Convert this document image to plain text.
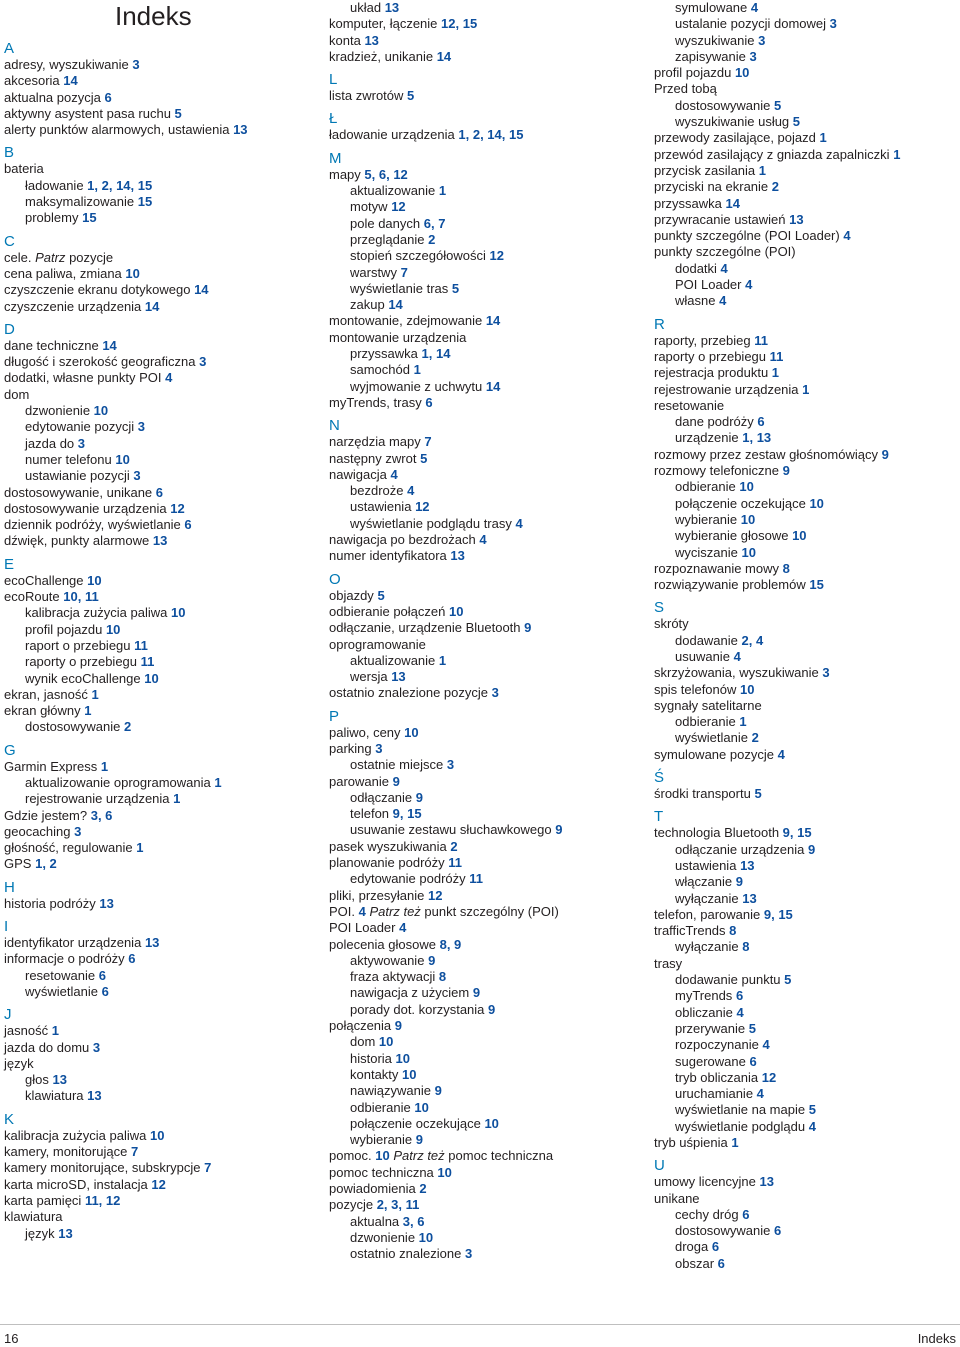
Indeks
A
adresy, wyszukiwanie 3
akcesoria 14
aktualna pozycja 6
aktywny asystent pasa ruchu 5
alerty punktów alarmowych, ustawienia 13
B
bateria
ładowanie 1, 2, 14, 15
maksymalizowanie 15
problemy 15
C
cele. Patrz pozycje
cena paliwa, zmiana 10
czyszczenie ekranu dotykowego 14
czyszczenie urządzenia 14
D
dane techniczne 14
długość i szerokość geograficzna 3
dodatki, własne punkty POI 4
dom
dzwonienie 10
edytowanie pozycji 3
jazda do 3
numer telefonu 10
ustawianie pozycji 3
dostosowywanie, unikane 6
dostosowywanie urządzenia 12
dziennik podróży, wyświetlanie 6
dźwięk, punkty alarmowe 13
E
ecoChallenge 10
ecoRoute 10, 11
kalibracja zużycia paliwa 10
profil pojazdu 10
raport o przebiegu 11
raporty o przebiegu 11
wynik ecoChallenge 10
ekran, jasność 1
ekran główny 1
dostosowywanie 2
G
Garmin Express 1
aktualizowanie oprogramowania 1
rejestrowanie urządzenia 1
Gdzie jestem? 3, 6
geocaching 3
głośność, regulowanie 1
GPS 1, 2
H
historia podróży 13
I
identyfikator urządzenia 13
informacje o podróży 6
resetowanie 6
wyświetlanie 6
J
jasność 1
jazda do domu 3
język
głos 13
klawiatura 13
K
kalibracja zużycia paliwa 10
kamery, monitorujące 7
kamery monitorujące, subskrypcje 7
karta microSD, instalacja 12
karta pamięci 11, 12
klawiatura
język 13
układ 13
komputer, łączenie 12, 15
konta 13
kradzież, unikanie 14
L
lista zwrotów 5
Ł
ładowanie urządzenia 1, 2, 14, 15
M
mapy 5, 6, 12
aktualizowanie 1
motyw 12
pole danych 6, 7
przeglądanie 2
stopień szczegółowości 12
warstwy 7
wyświetlanie tras 5
zakup 14
montowanie, zdejmowanie 14
montowanie urządzenia
przyssawka 1, 14
samochód 1
wyjmowanie z uchwytu 14
myTrends, trasy 6
N
narzędzia mapy 7
następny zwrot 5
nawigacja 4
bezdroże 4
ustawienia 12
wyświetlanie podglądu trasy 4
nawigacja po bezdrożach 4
numer identyfikatora 13
O
objazdy 5
odbieranie połączeń 10
odłączanie, urządzenie Bluetooth 9
oprogramowanie
aktualizowanie 1
wersja 13
ostatnio znalezione pozycje 3
P
paliwo, ceny 10
parking 3
ostatnie miejsce 3
parowanie 9
odłączanie 9
telefon 9, 15
usuwanie zestawu słuchawkowego 9
pasek wyszukiwania 2
planowanie podróży 11
edytowanie podróży 11
pliki, przesyłanie 12
POI. 4 Patrz też punkt szczególny (POI)
POI Loader 4
polecenia głosowe 8, 9
aktywowanie 9
fraza aktywacji 8
nawigacja z użyciem 9
porady dot. korzystania 9
połączenia 9
dom 10
historia 10
kontakty 10
nawiązywanie 9
odbieranie 10
połączenie oczekujące 10
wybieranie 9
pomoc. 10 Patrz też pomoc techniczna
pomoc techniczna 10
powiadomienia 2
pozycje 2, 3, 11
aktualna 3, 6
dzwonienie 10
ostatnio znalezione 3
symulowane 4
ustalanie pozycji domowej 3
wyszukiwanie 3
zapisywanie 3
profil pojazdu 10
Przed tobą
dostosowywanie 5
wyszukiwanie usług 5
przewody zasilające, pojazd 1
przewód zasilający z gniazda zapalniczki 1
przycisk zasilania 1
przyciski na ekranie 2
przyssawka 14
przywracanie ustawień 13
punkty szczególne (POI Loader) 4
punkty szczególne (POI)
dodatki 4
POI Loader 4
własne 4
R
raporty, przebieg 11
raporty o przebiegu 11
rejestracja produktu 1
rejestrowanie urządzenia 1
resetowanie
dane podróży 6
urządzenie 1, 13
rozmowy przez zestaw głośnomówiący 9
rozmowy telefoniczne 9
odbieranie 10
połączenie oczekujące 10
wybieranie 10
wybieranie głosowe 10
wyciszanie 10
rozpoznawanie mowy 8
rozwiązywanie problemów 15
S
skróty
dodawanie 2, 4
usuwanie 4
skrzyżowania, wyszukiwanie 3
spis telefonów 10
sygnały satelitarne
odbieranie 1
wyświetlanie 2
symulowane pozycje 4
Ś
środki transportu 5
T
technologia Bluetooth 9, 15
odłączanie urządzenia 9
ustawienia 13
włączanie 9
wyłączanie 13
telefon, parowanie 9, 15
trafficTrends 8
wyłączanie 8
trasy
dodawanie punktu 5
myTrends 6
obliczanie 4
przerywanie 5
rozpoczynanie 4
sugerowane 6
tryb obliczania 12
uruchamianie 4
wyświetlanie na mapie 5
wyświetlanie podglądu 4
tryb uśpienia 1
U
umowy licencyjne 13
unikane
cechy dróg 6
dostosowywanie 6
droga 6
obszar 6
16	Indeks
